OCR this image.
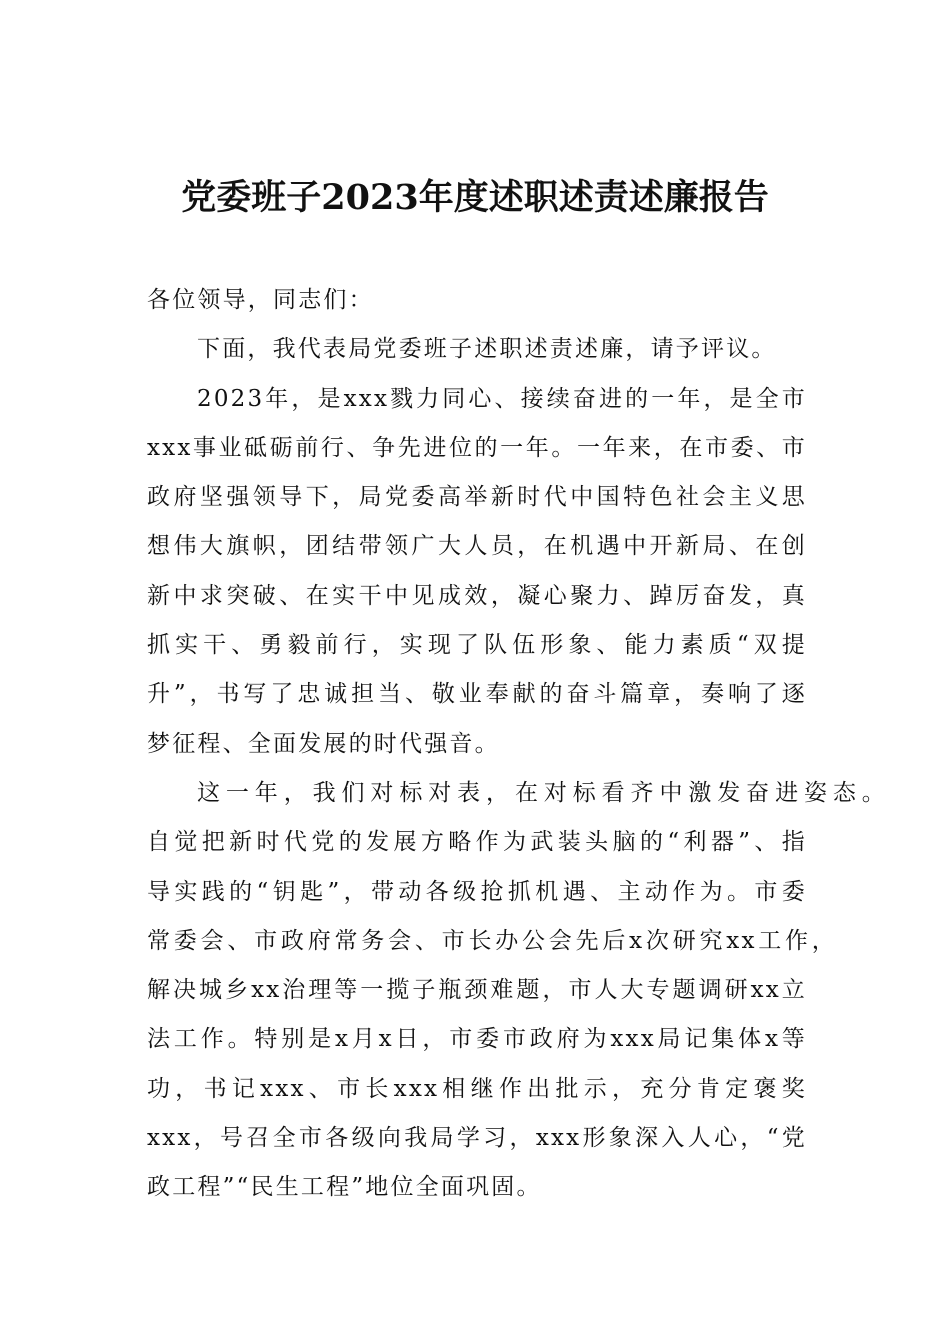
党委班子2023年度述职述责述廉报告
各位领导，同志们：
下面，我代表局党委班子述职述责述廉，请予评议。
2023年，是xxx戮力同心、接续奋进的一年，是全市
xxx事业砥砺前行、争先进位的一年。一年来，在市委、市
政府坚强领导下，局党委高举新时代中国特色社会主义思
想伟大旗帜，团结带领广大人员，在机遇中开新局、在创
新中求突破、在实干中见成效，凝心聚力、踔厉奋发，真
抓实干、勇毅前行，实现了队伍形象、能力素质“双提
升”，书写了忠诚担当、敬业奉献的奋斗篇章，奏响了逐
梦征程、全面发展的时代强音。
这一年，我们对标对表，在对标看齐中激发奋进姿态。
自觉把新时代党的发展方略作为武装头脑的“利器”、指
导实践的“钥匙”，带动各级抢抓机遇、主动作为。市委
常委会、市政府常务会、市长办公会先后x次研究xx工作，
解决城乡xx治理等一揽子瓶颈难题，市人大专题调研xx立
法工作。特别是x月x日，市委市政府为xxx局记集体x等
功，书记xxx、市长xxx相继作出批示，充分肯定褒奖
xxx，号召全市各级向我局学习，xxx形象深入人心，“党
政工程”“民生工程”地位全面巩固。
